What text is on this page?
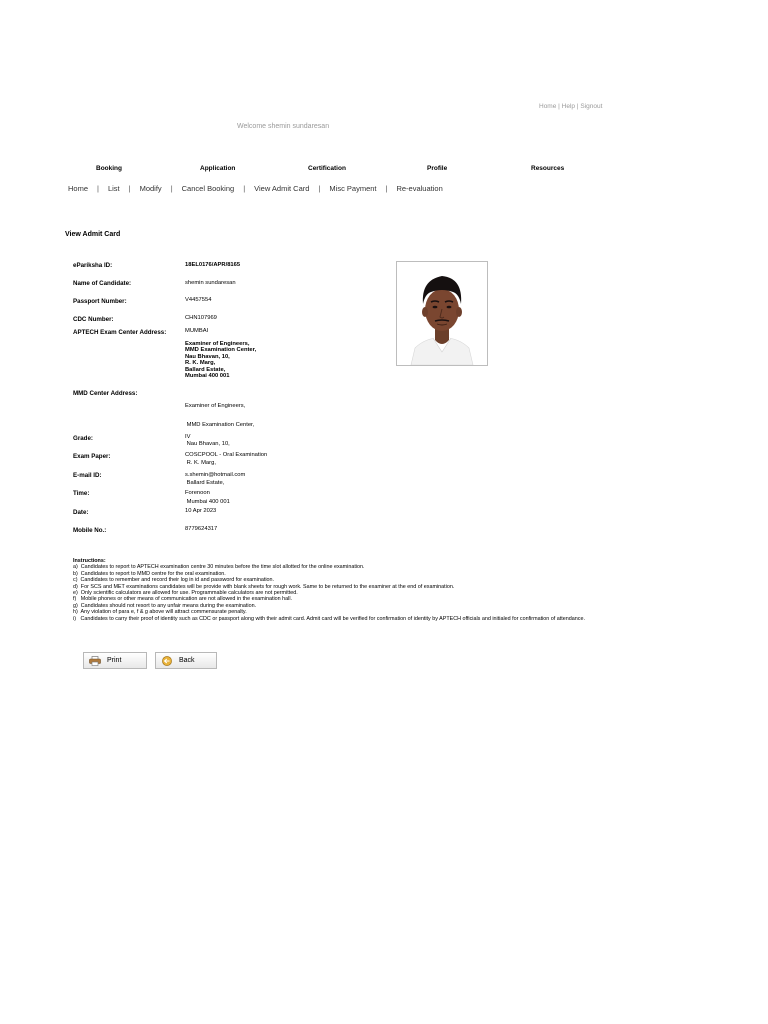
Home | Help | Signout
Welcome shemin sundaresan
Booking	Application	Certification	Profile	Resources
Home | List | Modify | Cancel Booking | View Admit Card | Misc Payment | Re-evaluation
View Admit Card
eParíksha ID:	18EL0176/APR/8165
Name of Candidate:	shemin sundaresan
Passport Number:	V4457554
CDC Number:	CHN107969
APTECH Exam Center Address:	MUMBAI
Examiner of Engineers,
MMD Examination Center,
Nau Bhavan, 10,
R. K. Marg,
Ballard Estate,
Mumbai 400 001
MMD Center Address:

Examiner of Engineers,

MMD Examination Center,

Nau Bhavan, 10,

R. K. Marg,

Ballard Estate,

Mumbai 400 001

Grade:	IV
Exam Paper:	COSCPOOL - Oral Examination
E-mail ID:	s.shemin@hotmail.com
Time:	Forenoon
Date:	10 Apr 2023
Mobile No.:	8779624317
Instructions:
a)  Candidates to report to APTECH examination centre 30 minutes before the time slot allotted for the online examination.
b)  Candidates to report to MMD centre for the oral examination.
c)  Candidates to remember and record their log in id and password for examination.
d)  For SCS and MET examinations candidates will be provide with blank sheets for rough work. Same to be returned to the examiner at the end of examination.
e)  Only scientific calculators are allowed for use. Programmable calculators are not permitted.
f)   Mobile phones or other means of communication are not allowed in the examination hall.
g)  Candidates should not resort to any unfair means during the examination.
h)  Any violation of para e, f & g above will attract commensurate penalty.
i)   Candidates to carry their proof of identity such as CDC or passport along with their admit card. Admit card will be verified for confirmation of identity by APTECH officials and initialed for confirmation of attendance.
Print	Back
